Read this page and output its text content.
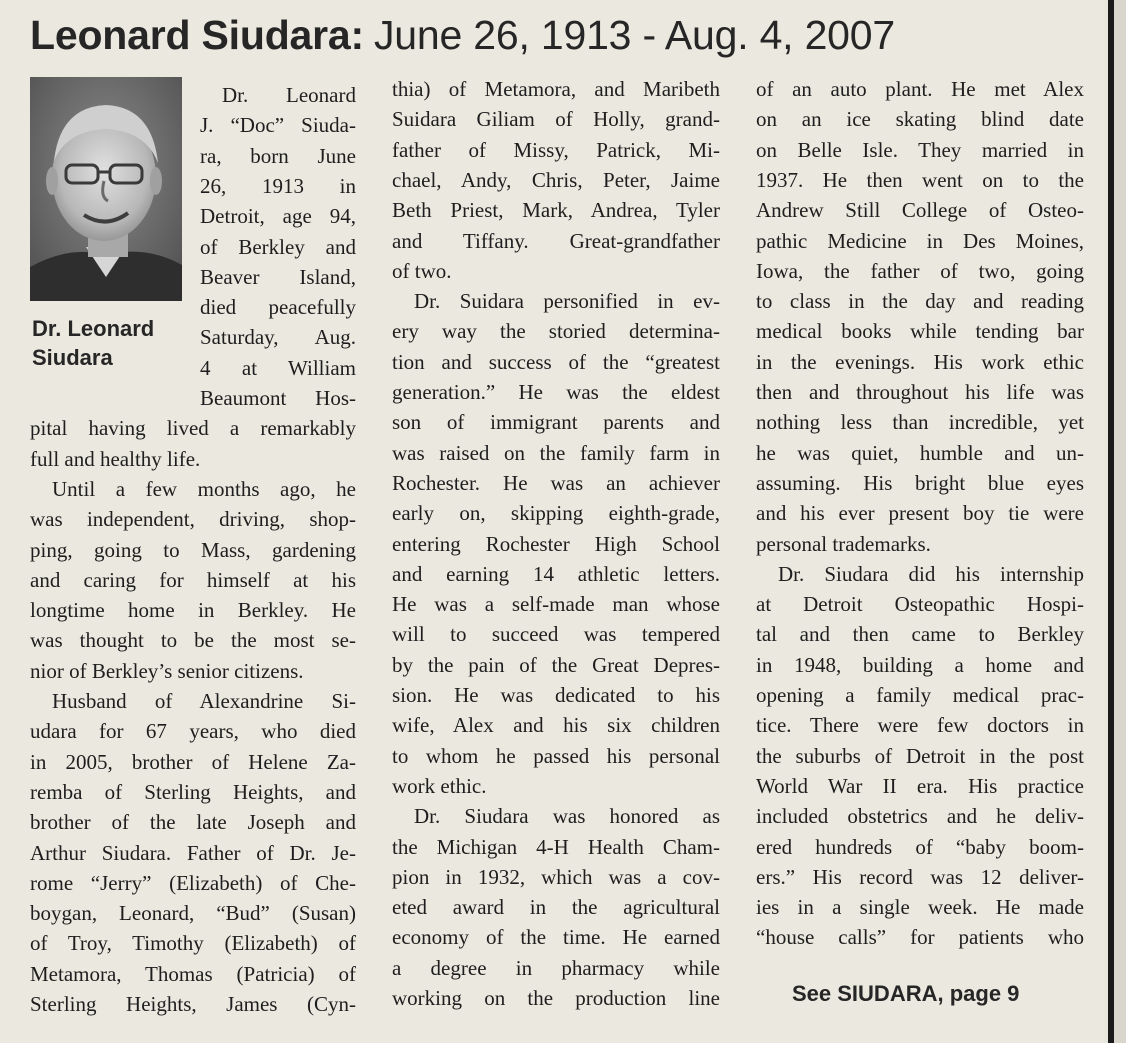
Leonard Siudara: June 26, 1913 - Aug. 4, 2007
Dr. Leonard
Siudara
Dr. Leonard
J. “Doc” Siuda-
ra, born June
26, 1913 in
Detroit, age 94,
of Berkley and
Beaver Island,
died peacefully
Saturday, Aug.
4 at William
Beaumont Hos-
pital having lived a remarkably
full and healthy life.
Until a few months ago, he
was independent, driving, shop-
ping, going to Mass, gardening
and caring for himself at his
longtime home in Berkley. He
was thought to be the most se-
nior of Berkley’s senior citizens.
Husband of Alexandrine Si-
udara for 67 years, who died
in 2005, brother of Helene Za-
remba of Sterling Heights, and
brother of the late Joseph and
Arthur Siudara. Father of Dr. Je-
rome “Jerry” (Elizabeth) of Che-
boygan, Leonard, “Bud” (Susan)
of Troy, Timothy (Elizabeth) of
Metamora, Thomas (Patricia) of
Sterling Heights, James (Cyn-
thia) of Metamora, and Maribeth
Suidara Giliam of Holly, grand-
father of Missy, Patrick, Mi-
chael, Andy, Chris, Peter, Jaime
Beth Priest, Mark, Andrea, Tyler
and Tiffany. Great-grandfather
of two.
Dr. Suidara personified in ev-
ery way the storied determina-
tion and success of the “greatest
generation.” He was the eldest
son of immigrant parents and
was raised on the family farm in
Rochester. He was an achiever
early on, skipping eighth-grade,
entering Rochester High School
and earning 14 athletic letters.
He was a self-made man whose
will to succeed was tempered
by the pain of the Great Depres-
sion. He was dedicated to his
wife, Alex and his six children
to whom he passed his personal
work ethic.
Dr. Siudara was honored as
the Michigan 4-H Health Cham-
pion in 1932, which was a cov-
eted award in the agricultural
economy of the time. He earned
a degree in pharmacy while
working on the production line
of an auto plant. He met Alex
on an ice skating blind date
on Belle Isle. They married in
1937. He then went on to the
Andrew Still College of Osteo-
pathic Medicine in Des Moines,
Iowa, the father of two, going
to class in the day and reading
medical books while tending bar
in the evenings. His work ethic
then and throughout his life was
nothing less than incredible, yet
he was quiet, humble and un-
assuming. His bright blue eyes
and his ever present boy tie were
personal trademarks.
Dr. Siudara did his internship
at Detroit Osteopathic Hospi-
tal and then came to Berkley
in 1948, building a home and
opening a family medical prac-
tice. There were few doctors in
the suburbs of Detroit in the post
World War II era. His practice
included obstetrics and he deliv-
ered hundreds of “baby boom-
ers.” His record was 12 deliver-
ies in a single week. He made
“house calls” for patients who
See SIUDARA, page 9
